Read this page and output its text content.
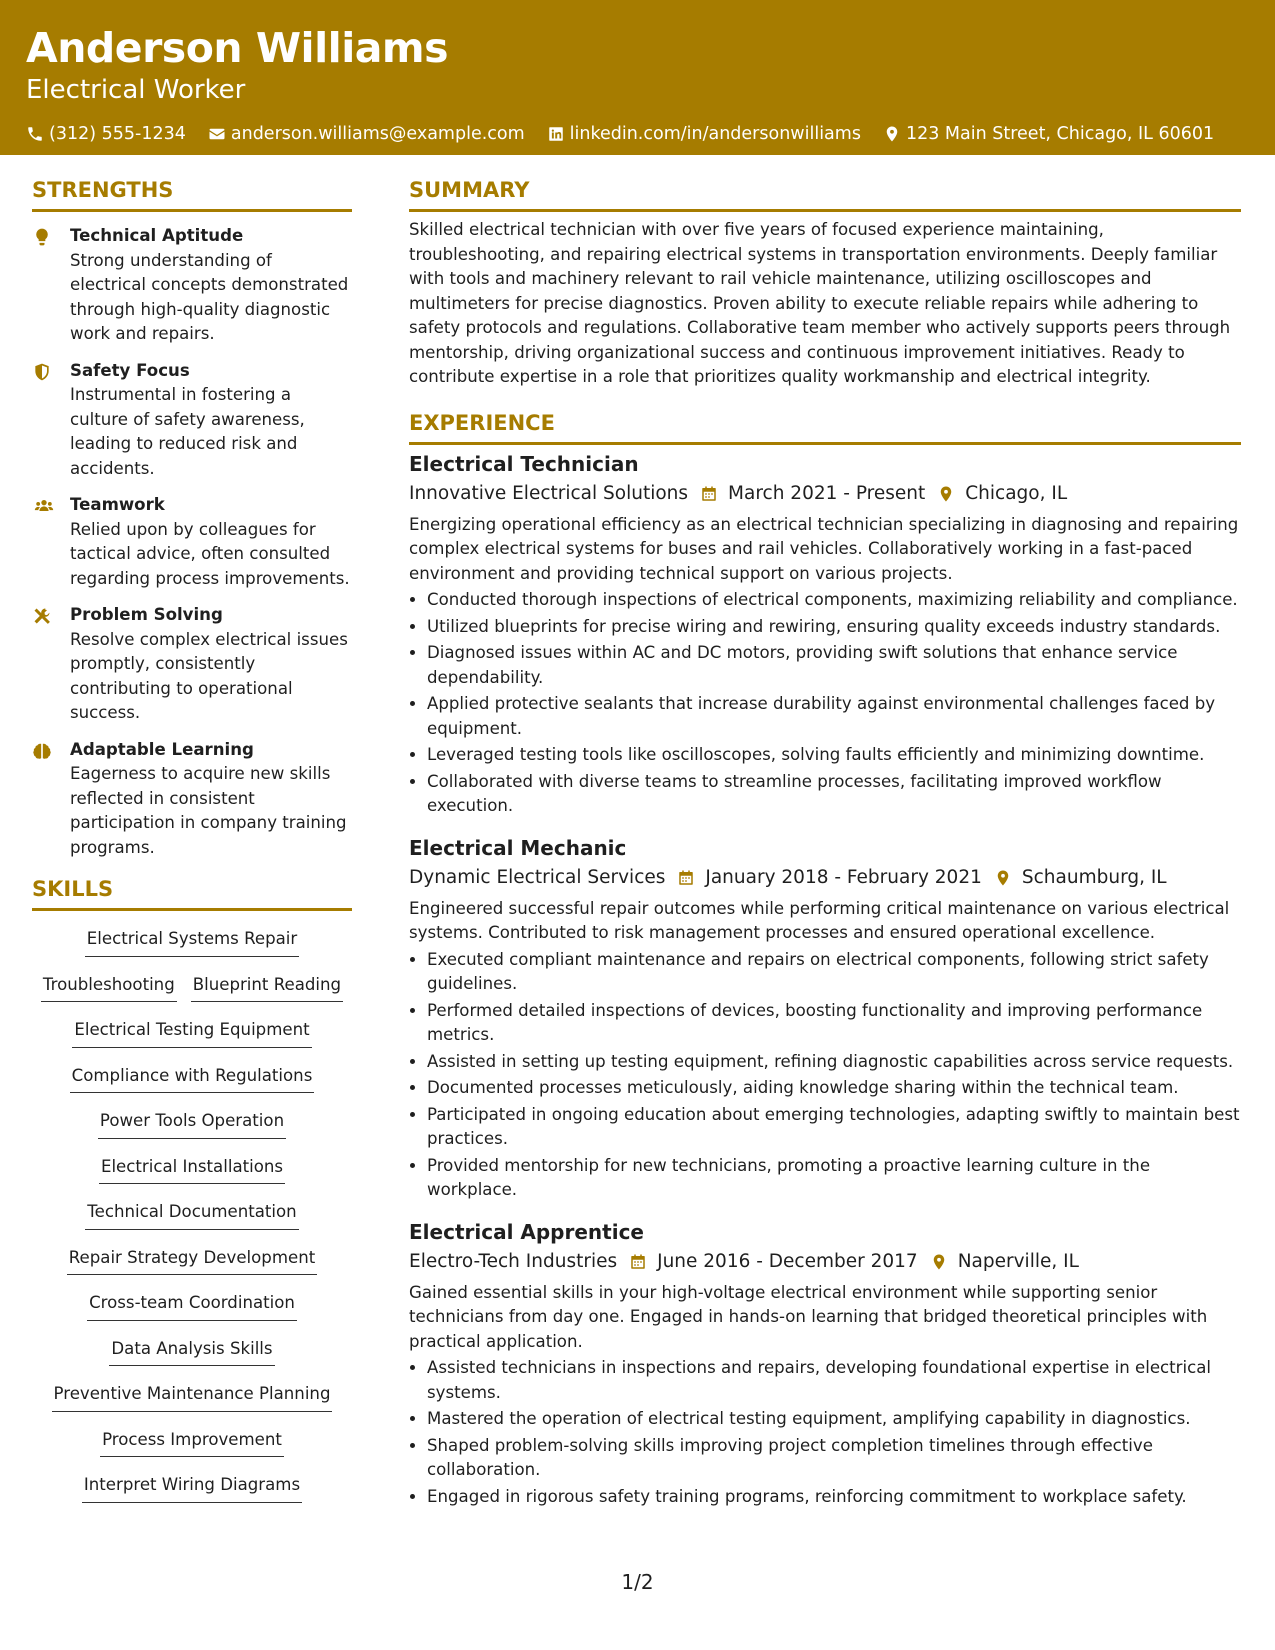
Anderson Williams
Electrical Worker
(312) 555-1234	anderson.williams@example.com	linkedin.com/in/andersonwilliams	123 Main Street, Chicago, IL 60601
STRENGTHS
Technical Aptitude
Strong understanding of electrical concepts demonstrated through high-quality diagnostic work and repairs.
Safety Focus
Instrumental in fostering a culture of safety awareness, leading to reduced risk and accidents.
Teamwork
Relied upon by colleagues for tactical advice, often consulted regarding process improvements.
Problem Solving
Resolve complex electrical issues promptly, consistently contributing to operational success.
Adaptable Learning
Eagerness to acquire new skills reflected in consistent participation in company training programs.
SKILLS
Electrical Systems Repair
Troubleshooting Blueprint Reading
Electrical Testing Equipment
Compliance with Regulations
Power Tools Operation
Electrical Installations
Technical Documentation
Repair Strategy Development
Cross-team Coordination
Data Analysis Skills
Preventive Maintenance Planning
Process Improvement
Interpret Wiring Diagrams
SUMMARY
Skilled electrical technician with over five years of focused experience maintaining, troubleshooting, and repairing electrical systems in transportation environments. Deeply familiar with tools and machinery relevant to rail vehicle maintenance, utilizing oscilloscopes and multimeters for precise diagnostics. Proven ability to execute reliable repairs while adhering to safety protocols and regulations. Collaborative team member who actively supports peers through mentorship, driving organizational success and continuous improvement initiatives. Ready to contribute expertise in a role that prioritizes quality workmanship and electrical integrity.
EXPERIENCE
Electrical Technician
Innovative Electrical Solutions March 2021 - Present Chicago, IL
Energizing operational efficiency as an electrical technician specializing in diagnosing and repairing complex electrical systems for buses and rail vehicles. Collaboratively working in a fast-paced environment and providing technical support on various projects.
• Conducted thorough inspections of electrical components, maximizing reliability and compliance.
• Utilized blueprints for precise wiring and rewiring, ensuring quality exceeds industry standards.
• Diagnosed issues within AC and DC motors, providing swift solutions that enhance service dependability.
• Applied protective sealants that increase durability against environmental challenges faced by equipment.
• Leveraged testing tools like oscilloscopes, solving faults efficiently and minimizing downtime.
• Collaborated with diverse teams to streamline processes, facilitating improved workflow execution.
Electrical Mechanic
Dynamic Electrical Services January 2018 - February 2021 Schaumburg, IL
Engineered successful repair outcomes while performing critical maintenance on various electrical systems. Contributed to risk management processes and ensured operational excellence.
• Executed compliant maintenance and repairs on electrical components, following strict safety guidelines.
• Performed detailed inspections of devices, boosting functionality and improving performance metrics.
• Assisted in setting up testing equipment, refining diagnostic capabilities across service requests.
• Documented processes meticulously, aiding knowledge sharing within the technical team.
• Participated in ongoing education about emerging technologies, adapting swiftly to maintain best practices.
• Provided mentorship for new technicians, promoting a proactive learning culture in the workplace.
Electrical Apprentice
Electro-Tech Industries June 2016 - December 2017 Naperville, IL
Gained essential skills in your high-voltage electrical environment while supporting senior technicians from day one. Engaged in hands-on learning that bridged theoretical principles with practical application.
• Assisted technicians in inspections and repairs, developing foundational expertise in electrical systems.
• Mastered the operation of electrical testing equipment, amplifying capability in diagnostics.
• Shaped problem-solving skills improving project completion timelines through effective collaboration.
• Engaged in rigorous safety training programs, reinforcing commitment to workplace safety.
1/2
